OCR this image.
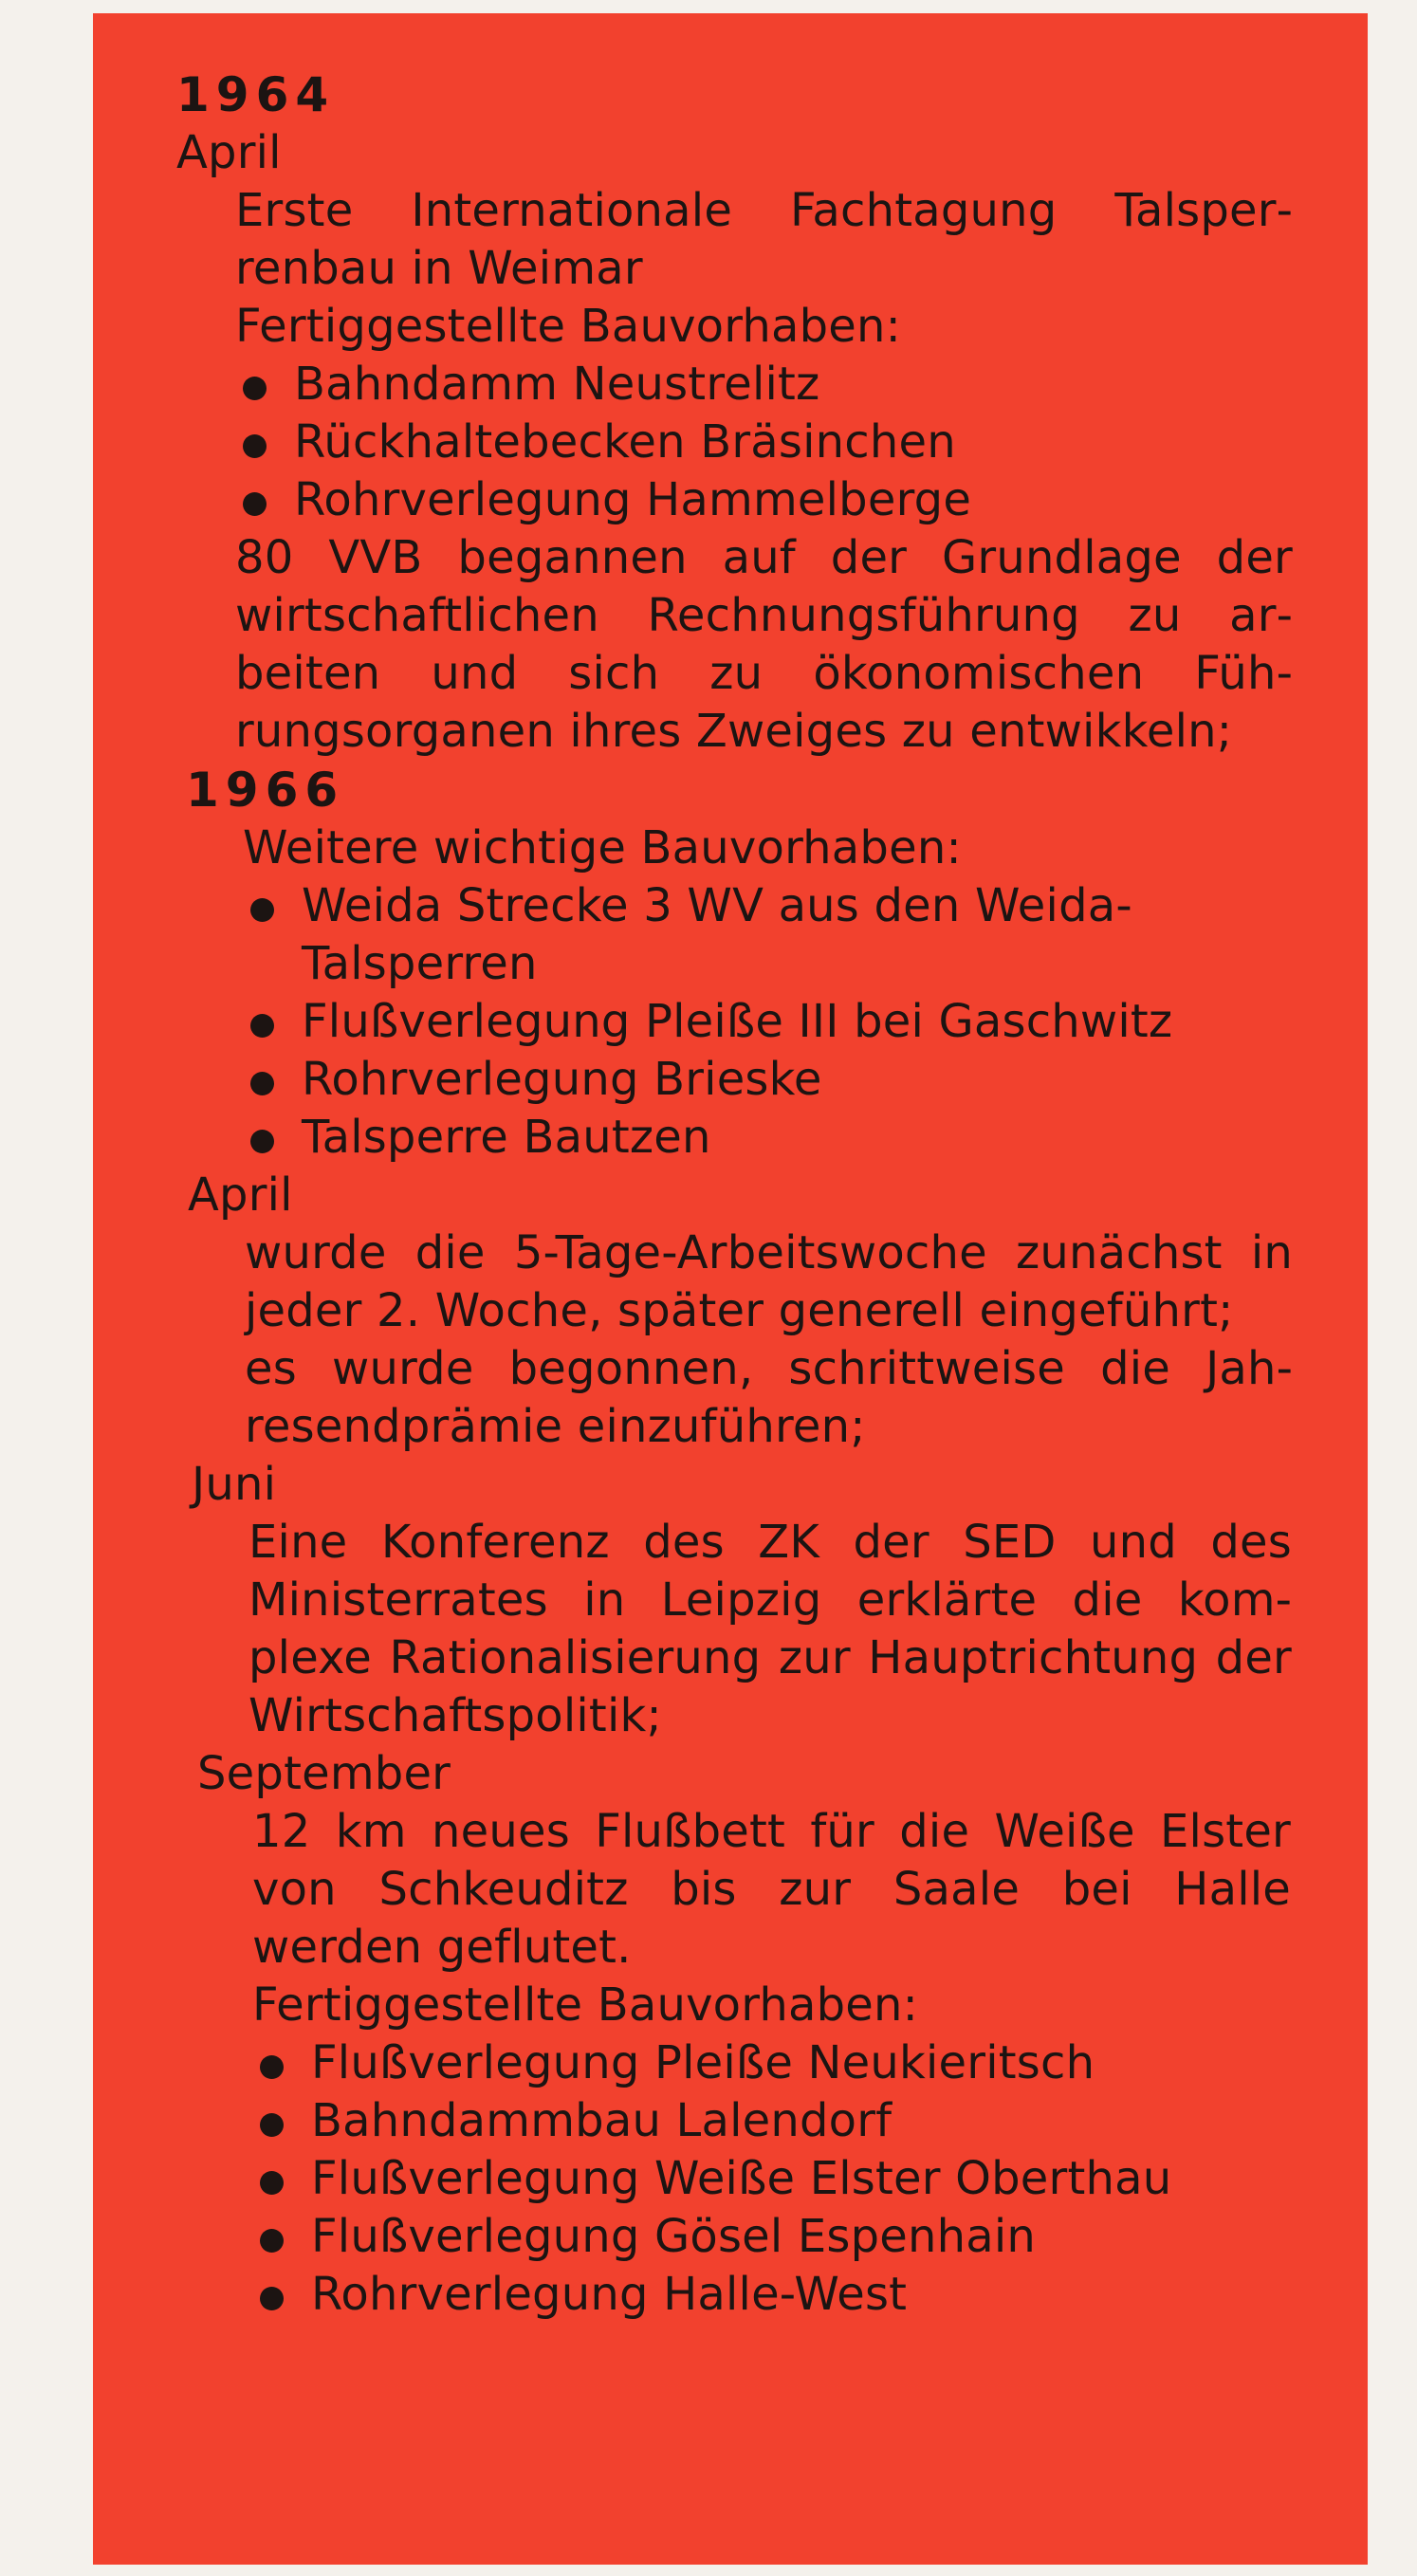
1964
April

Erste Internationale Fachtagung Talsperrenbau in Weimar

Fertiggestellte Bauvorhaben:
Bahndamm Neustrelitz
Rückhaltebecken Bräsinchen
Rohrverlegung Hammelberge

80 VVB begannen auf der Grundlage der wirtschaftlichen Rechnungsführung zu arbeiten und sich zu ökonomischen Führungsorganen ihres Zweiges zu entwikkeln;

1966
Weitere wichtige Bauvorhaben:
Weida Strecke 3 WV aus den Weida-Talsperren
Flußverlegung Pleiße III bei Gaschwitz
Rohrverlegung Brieske
Talsperre Bautzen
April

wurde die 5-Tage-Arbeitswoche zunächst in jeder 2. Woche, später generell eingeführt;

es wurde begonnen, schrittweise die Jahresendprämie einzuführen;

Juni

Eine Konferenz des ZK der SED und des Ministerrates in Leipzig erklärte die komplexe Rationalisierung zur Hauptrichtung der Wirtschaftspolitik;

September

12 km neues Flußbett für die Weiße Elster von Schkeuditz bis zur Saale bei Halle werden geflutet.

Fertiggestellte Bauvorhaben:
Flußverlegung Pleiße Neukieritsch
Bahndammbau Lalendorf
Flußverlegung Weiße Elster Oberthau
Flußverlegung Gösel Espenhain
Rohrverlegung Halle-West
